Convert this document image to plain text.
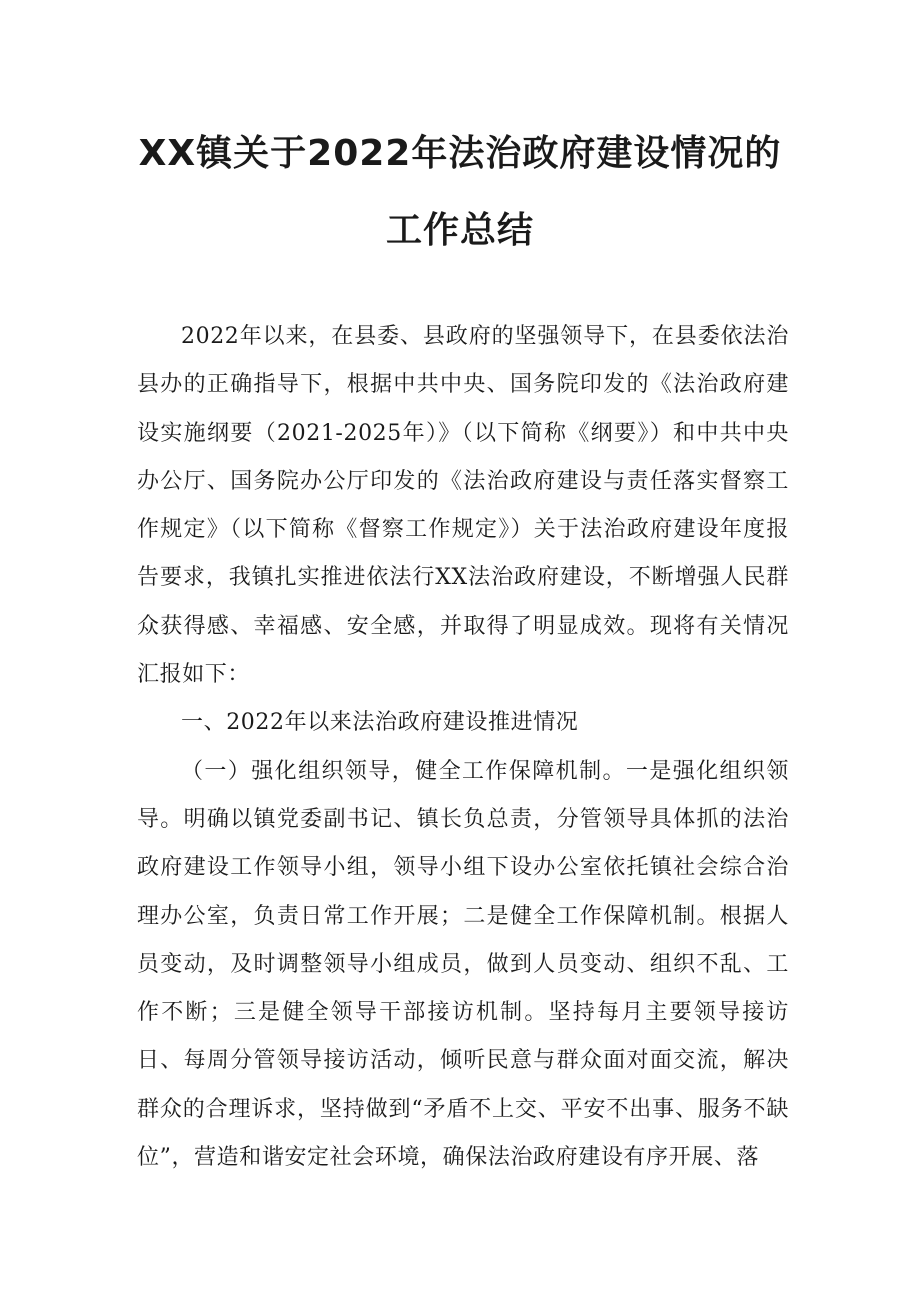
XX镇关于2022年法治政府建设情况的
工作总结

2022年以来，在县委、县政府的坚强领导下，在县委依法治县办的正确指导下，根据中共中央、国务院印发的《法治政府建设实施纲要（2021-2025年）》（以下简称《纲要》）和中共中央办公厅、国务院办公厅印发的《法治政府建设与责任落实督察工作规定》（以下简称《督察工作规定》）关于法治政府建设年度报告要求，我镇扎实推进依法行XX法治政府建设，不断增强人民群众获得感、幸福感、安全感，并取得了明显成效。现将有关情况汇报如下：

一、2022年以来法治政府建设推进情况

（一）强化组织领导，健全工作保障机制。一是强化组织领导。明确以镇党委副书记、镇长负总责，分管领导具体抓的法治政府建设工作领导小组，领导小组下设办公室依托镇社会综合治理办公室，负责日常工作开展；二是健全工作保障机制。根据人员变动，及时调整领导小组成员，做到人员变动、组织不乱、工作不断；三是健全领导干部接访机制。坚持每月主要领导接访日、每周分管领导接访活动，倾听民意与群众面对面交流，解决群众的合理诉求，坚持做到“矛盾不上交、平安不出事、服务不缺位”，营造和谐安定社会环境，确保法治政府建设有序开展、落
